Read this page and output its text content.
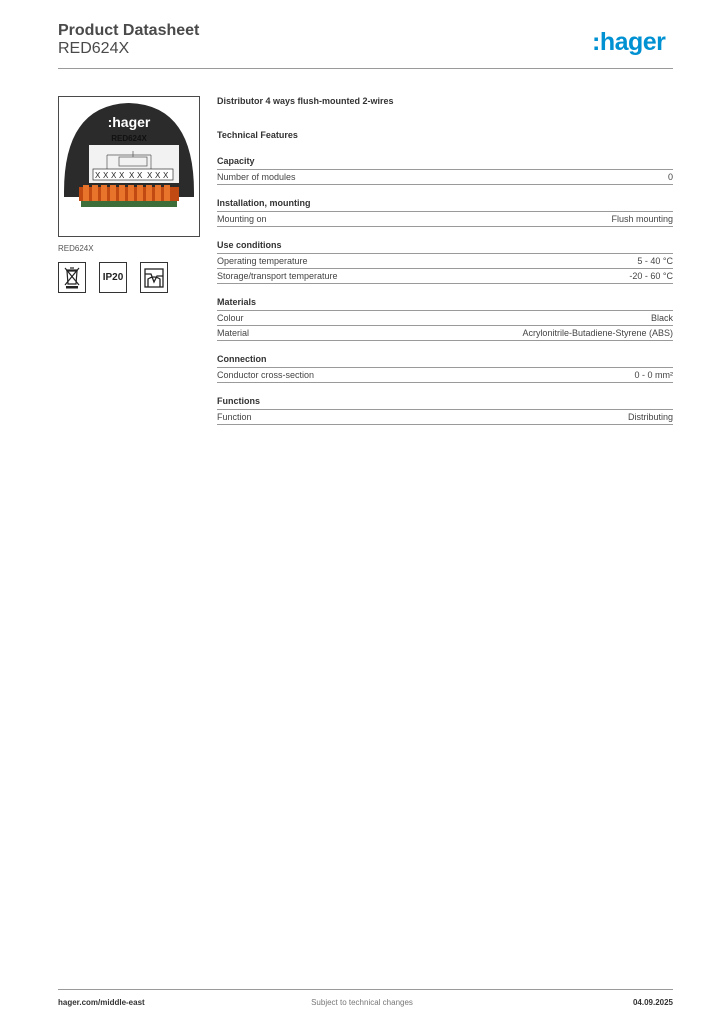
Product Datasheet
RED624X	:hager
:hager
RED624X
X X X X X X X X X
RED624X
IP20
Distributor 4 ways flush-mounted 2-wires
Technical Features
Capacity
Number of modules	0
Installation, mounting
Mounting on	Flush mounting
Use conditions
Operating temperature	5 - 40 °C
Storage/transport temperature	-20 - 60 °C
Materials
Colour	Black
Material	Acrylonitrile-Butadiene-Styrene (ABS)
Connection
Conductor cross-section	0 - 0 mm²
Functions
Function	Distributing
hager.com/middle-east	Subject to technical changes	04.09.2025
